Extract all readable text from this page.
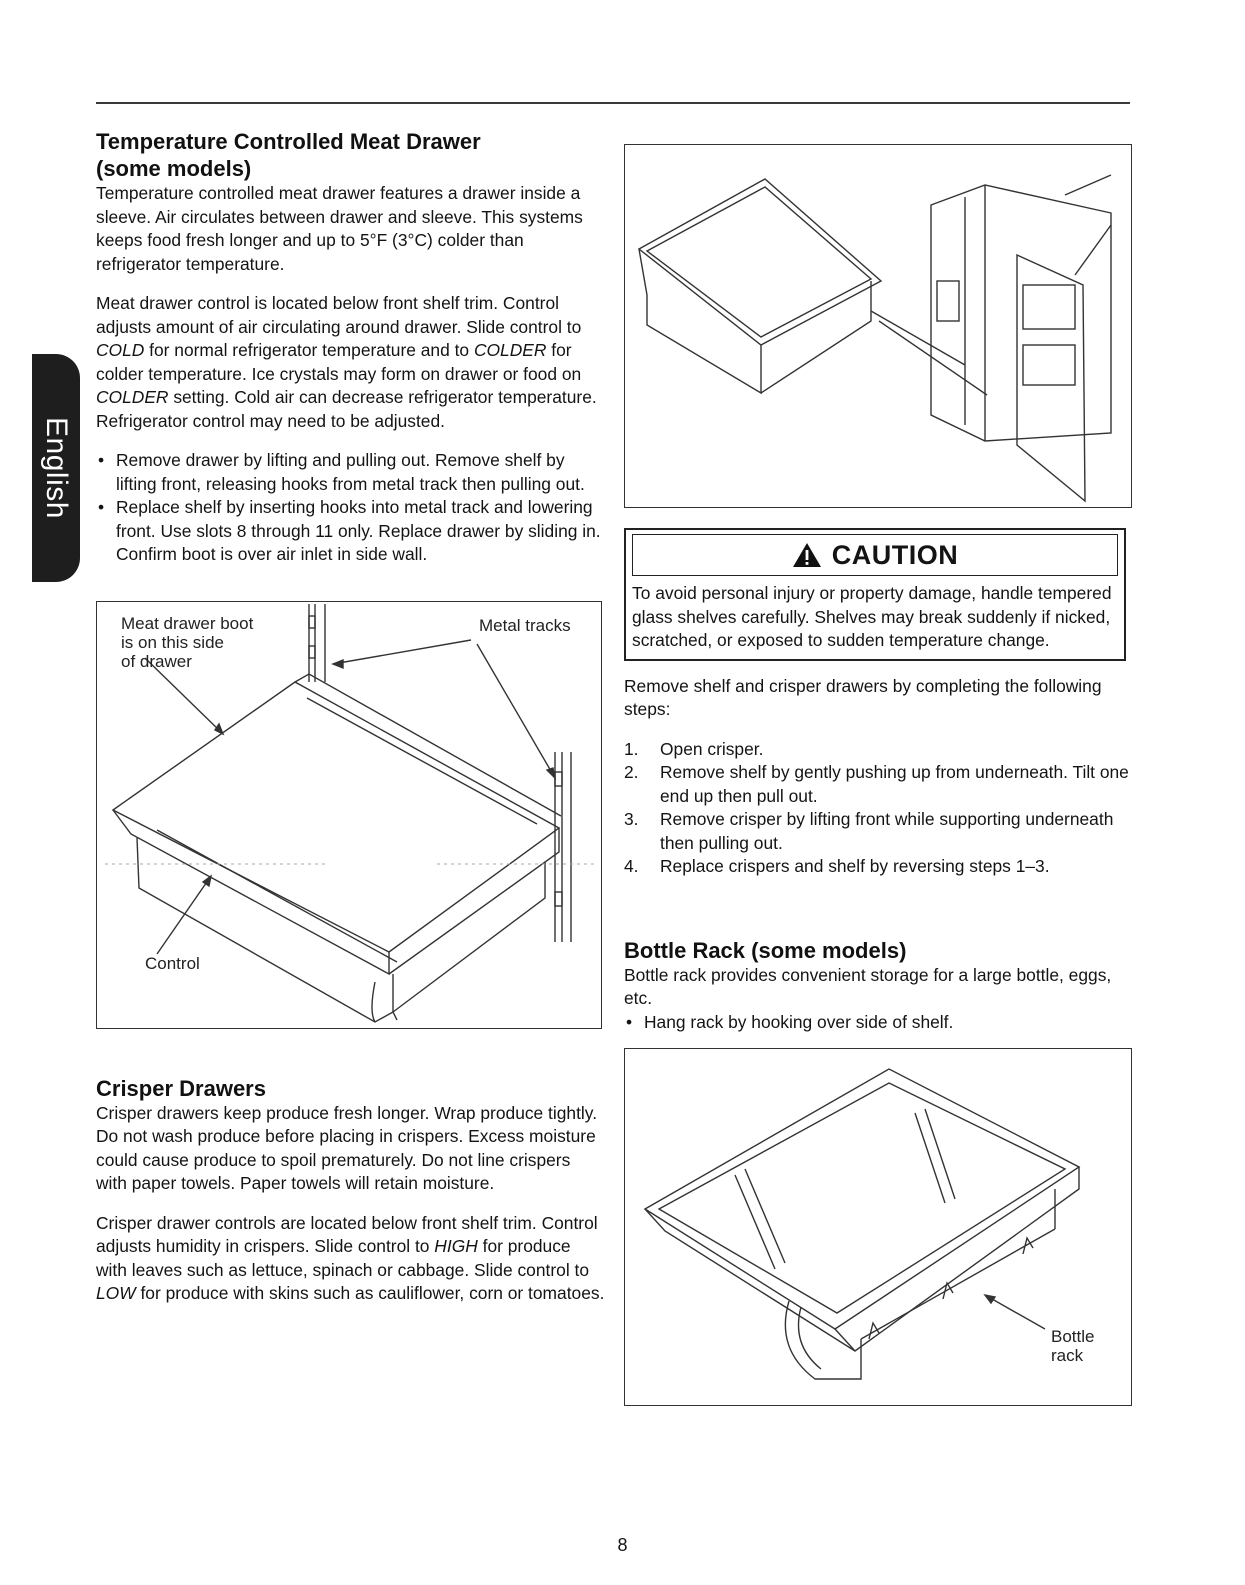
English
Temperature Controlled Meat Drawer
(some models)

Temperature controlled meat drawer features a drawer inside a sleeve. Air circulates between drawer and sleeve. This systems keeps food fresh longer and up to 5°F (3°C) colder than refrigerator temperature.

Meat drawer control is located below front shelf trim. Control adjusts amount of air circulating around drawer. Slide control to COLD for normal refrigerator temperature and to COLDER for colder temperature. Ice crystals may form on drawer or food on COLDER setting. Cold air can decrease refrigerator temperature. Refrigerator control may need to be adjusted.

• Remove drawer by lifting and pulling out. Remove shelf by lifting front, releasing hooks from metal track then pulling out.
• Replace shelf by inserting hooks into metal track and lowering front. Use slots 8 through 11 only. Replace drawer by sliding in. Confirm boot is over air inlet in side wall.
Meat drawer boot
is on this side
of drawer
Metal tracks
Control
Crisper Drawers

Crisper drawers keep produce fresh longer. Wrap produce tightly. Do not wash produce before placing in crispers. Excess moisture could cause produce to spoil prematurely. Do not line crispers with paper towels. Paper towels will retain moisture.

Crisper drawer controls are located below front shelf trim. Control adjusts humidity in crispers. Slide control to HIGH for produce with leaves such as lettuce, spinach or cabbage. Slide control to LOW for produce with skins such as cauliflower, corn or tomatoes.

CAUTION
To avoid personal injury or property damage, handle tempered glass shelves carefully. Shelves may break suddenly if nicked, scratched, or exposed to sudden temperature change.

Remove shelf and crisper drawers by completing the following steps:

1. Open crisper.
2. Remove shelf by gently pushing up from underneath. Tilt one end up then pull out.
3. Remove crisper by lifting front while supporting underneath then pulling out.
4. Replace crispers and shelf by reversing steps 1–3.
Bottle Rack (some models)

Bottle rack provides convenient storage for a large bottle, eggs, etc.

• Hang rack by hooking over side of shelf.
Bottle
rack
8
